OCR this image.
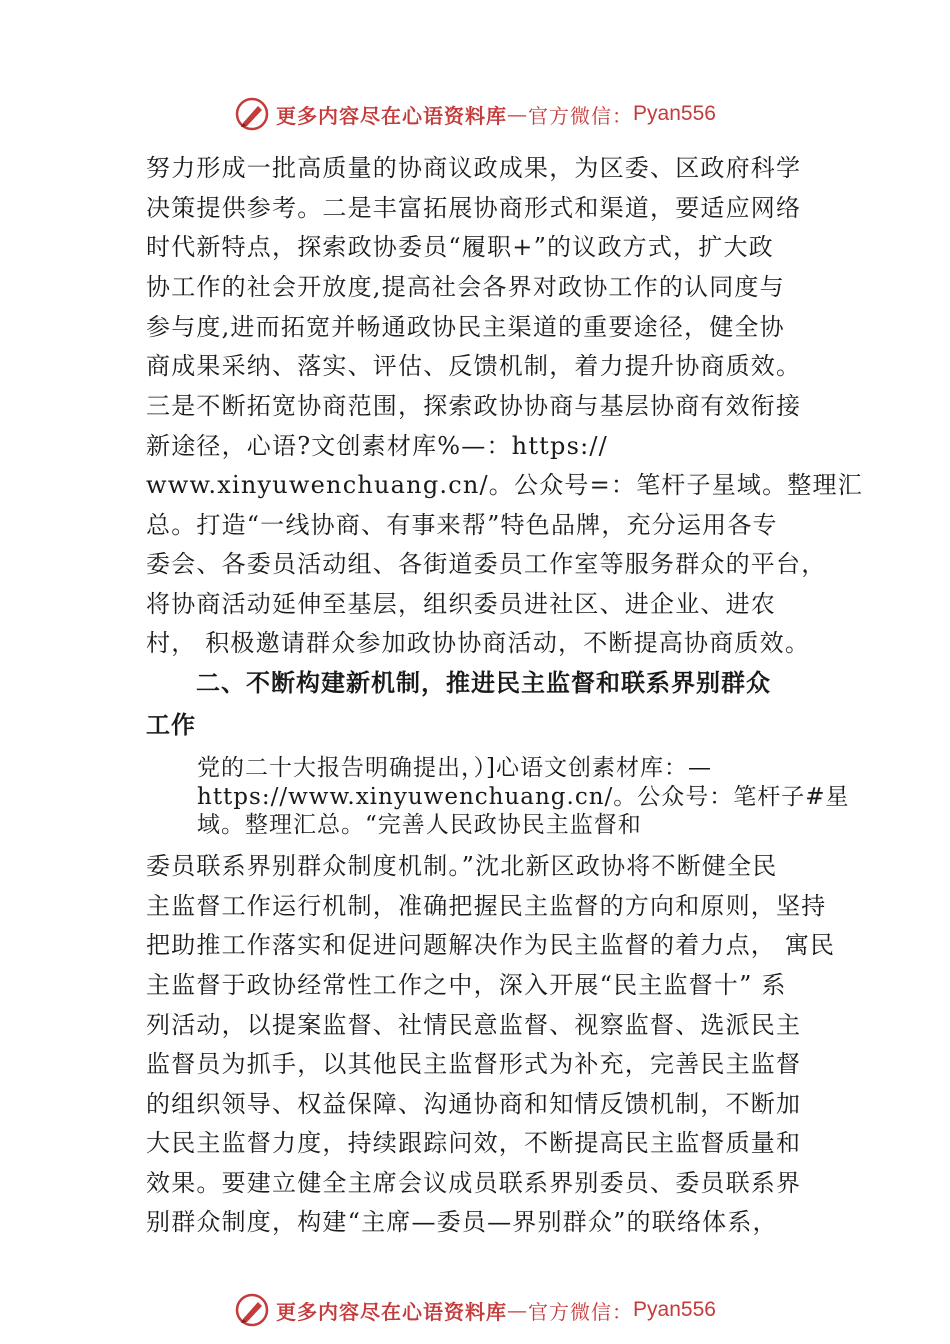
更多内容尽在心语资料库 — 官方微信： Pyan556
努力形成一批高质量的协商议政成果，为区委、区政府科学
决策提供参考。二是丰富拓展协商形式和渠道，要适应网络
时代新特点，探索政协委员“履职+”的议政方式，扩大政
协工作的社会开放度,提高社会各界对政协工作的认同度与
参与度,进而拓宽并畅通政协民主渠道的重要途径，健全协
商成果采纳、落实、评估、反馈机制，着力提升协商质效。
三是不断拓宽协商范围，探索政协协商与基层协商有效衔接
新途径，心语?文创素材库%—：https://
www.xinyuwenchuang.cn/。公众号=：笔杆子星域。整理汇
总。打造“一线协商、有事来帮”特色品牌，充分运用各专
委会、各委员活动组、各街道委员工作室等服务群众的平台，
将协商活动延伸至基层，组织委员进社区、进企业、进农
村， 积极邀请群众参加政协协商活动，不断提高协商质效。
二、不断构建新机制，推进民主监督和联系界别群众
工作
党的二十大报告明确提出，）]心语文创素材库：—
https://www.xinyuwenchuang.cn/。公众号：笔杆子#星
域。整理汇总。“完善人民政协民主监督和
委员联系界别群众制度机制。”沈北新区政协将不断健全民
主监督工作运行机制，准确把握民主监督的方向和原则，坚持
把助推工作落实和促进问题解决作为民主监督的着力点， 寓民
主监督于政协经常性工作之中，深入开展“民主监督十” 系
列活动，以提案监督、社情民意监督、视察监督、选派民主
监督员为抓手，以其他民主监督形式为补充，完善民主监督
的组织领导、权益保障、沟通协商和知情反馈机制，不断加
大民主监督力度，持续跟踪问效，不断提高民主监督质量和
效果。要建立健全主席会议成员联系界别委员、委员联系界
别群众制度，构建“主席—委员—界别群众”的联络体系，
更多内容尽在心语资料库 — 官方微信： Pyan556
